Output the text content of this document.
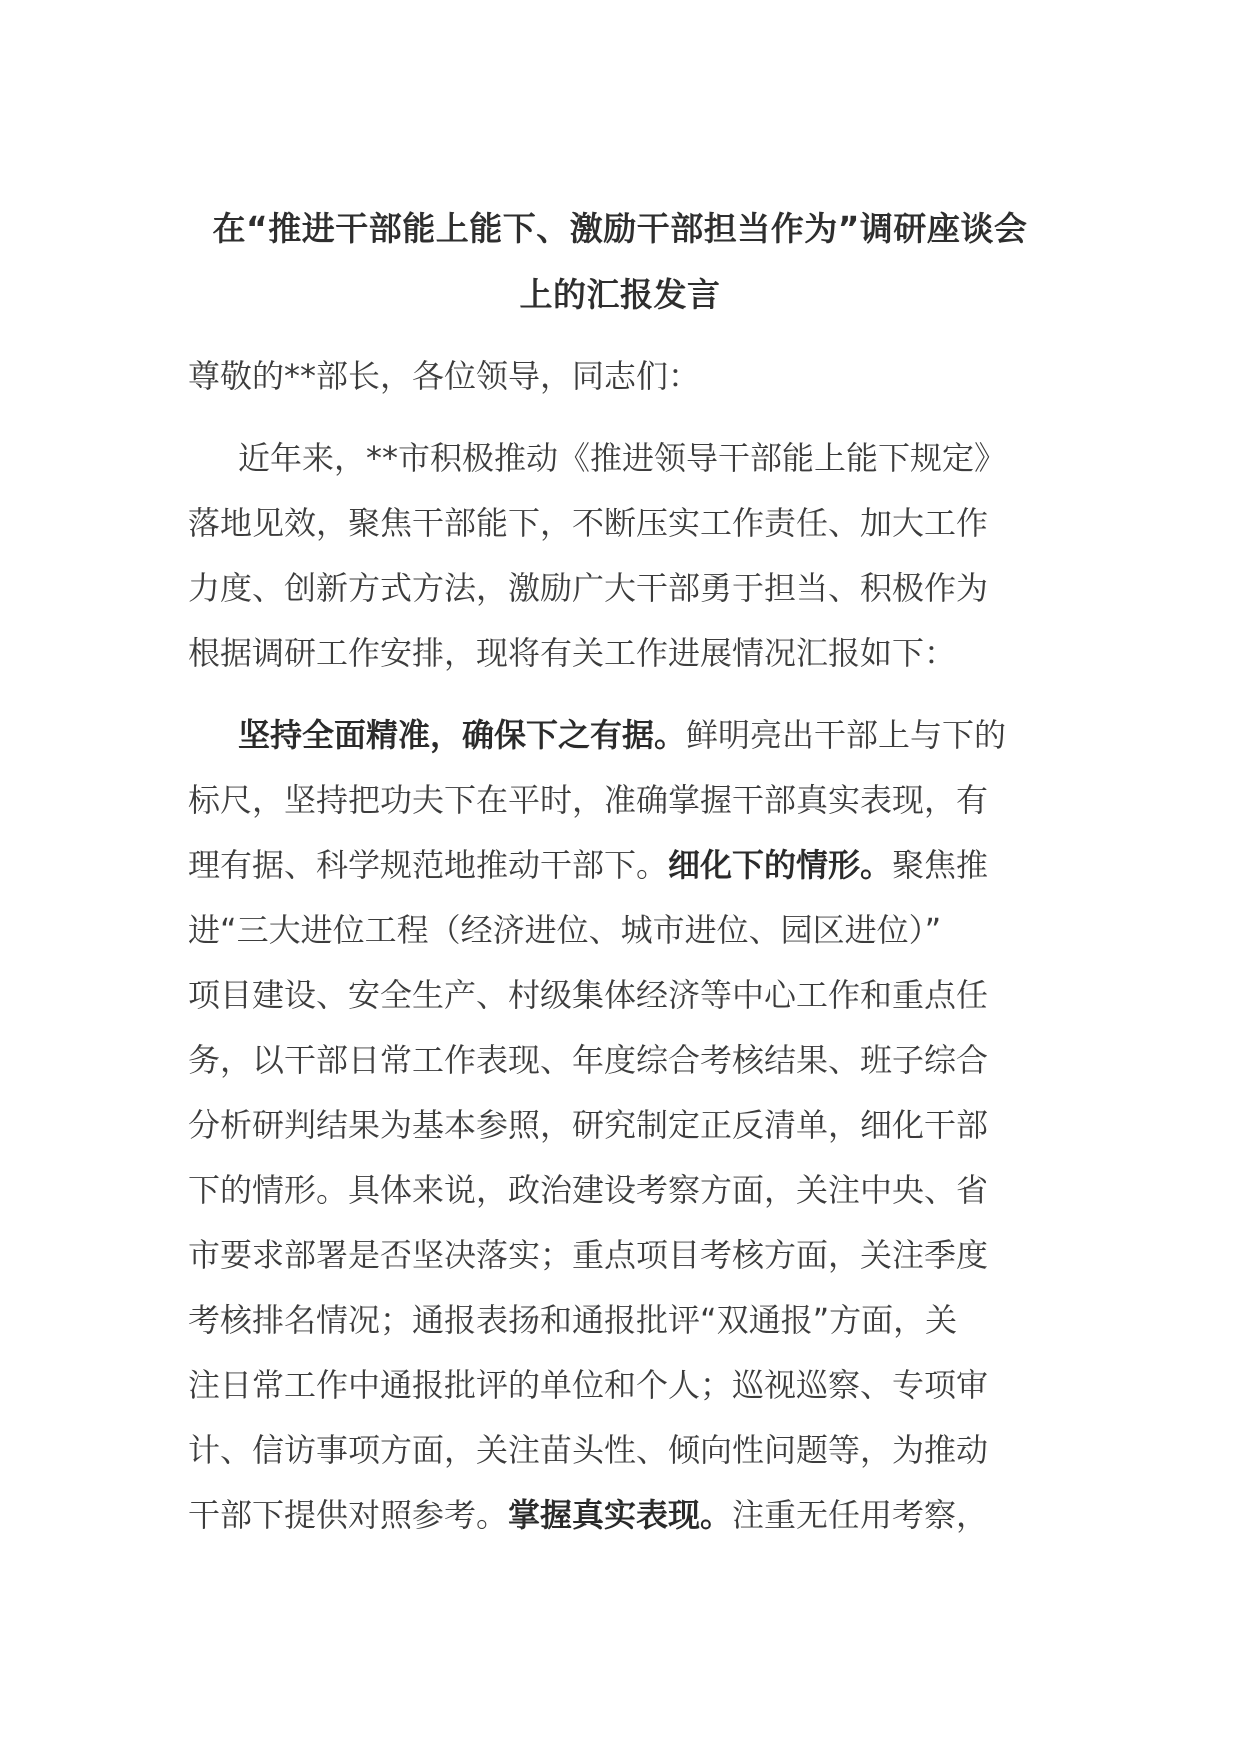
在“推进干部能上能下、激励干部担当作为”调研座谈会
上的汇报发言
尊敬的**部长，各位领导，同志们：
近年来，**市积极推动《推进领导干部能上能下规定》
落地见效，聚焦干部能下，不断压实工作责任、加大工作
力度、创新方式方法，激励广大干部勇于担当、积极作为
根据调研工作安排，现将有关工作进展情况汇报如下：
坚持全面精准，确保下之有据。鲜明亮出干部上与下的
标尺，坚持把功夫下在平时，准确掌握干部真实表现，有
理有据、科学规范地推动干部下。细化下的情形。聚焦推
进“三大进位工程（经济进位、城市进位、园区进位）”
项目建设、安全生产、村级集体经济等中心工作和重点任
务，以干部日常工作表现、年度综合考核结果、班子综合
分析研判结果为基本参照，研究制定正反清单，细化干部
下的情形。具体来说，政治建设考察方面，关注中央、省
市要求部署是否坚决落实；重点项目考核方面，关注季度
考核排名情况；通报表扬和通报批评“双通报”方面，关
注日常工作中通报批评的单位和个人；巡视巡察、专项审
计、信访事项方面，关注苗头性、倾向性问题等，为推动
干部下提供对照参考。掌握真实表现。注重无任用考察，
